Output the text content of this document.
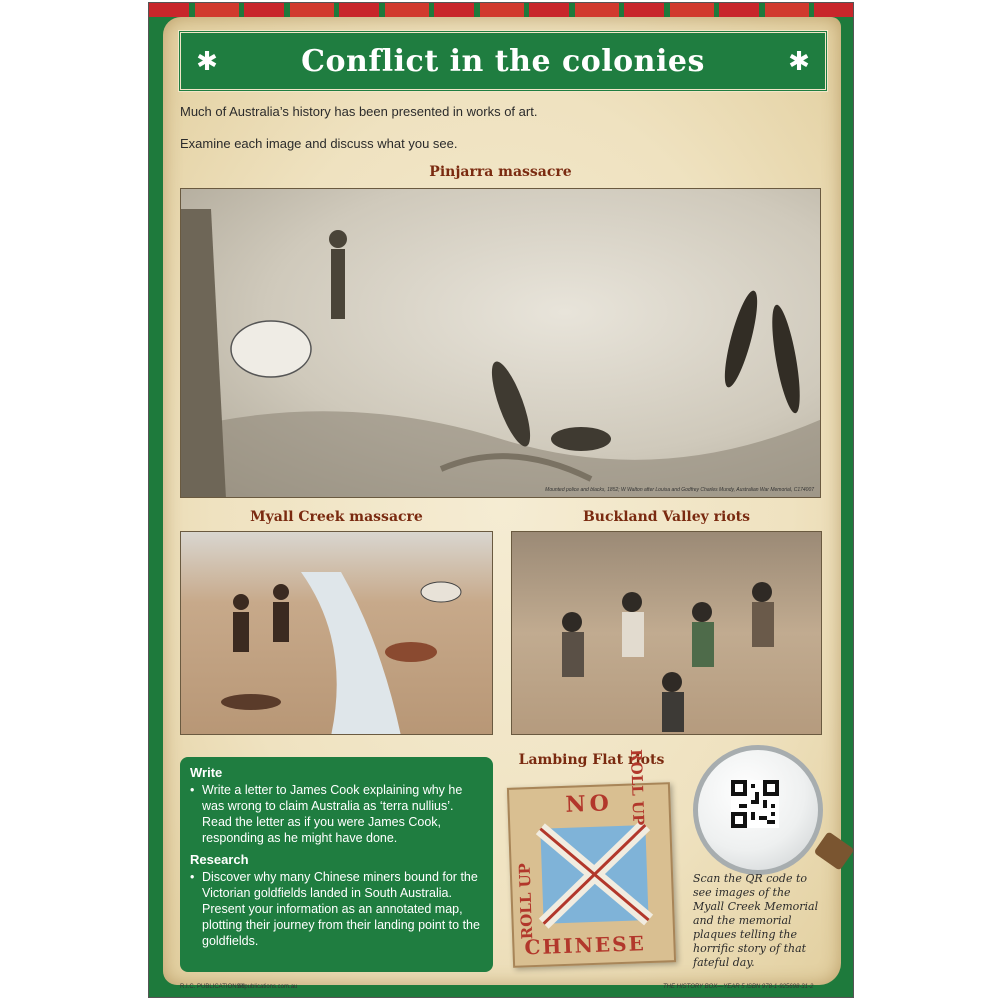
✱	Conflict in the colonies	✱
Much of Australia’s history has been presented in works of art.
Examine each image and discuss what you see.
Pinjarra massacre
Mounted police and blacks, 1852; W Walton after Louisa and Godfrey Charles Mundy, Australian War Memorial, C174007
Myall Creek massacre	Buckland Valley riots
Write
• Write a letter to James Cook explaining why he was wrong to claim Australia as ‘terra nullius’. Read the letter as if you were James Cook, responding as he might have done.
Research
• Discover why many Chinese miners bound for the Victorian goldfields landed in South Australia. Present your information as an annotated map, plotting their journey from their landing point to the goldfields.
Lambing Flat riots
NO
ROLL UP
ROLL UP
CHINESE
Scan the QR code to see images of the Myall Creek Memorial and the memorial plaques telling the horrific story of that fateful day.
R.I.C. PUBLICATIONS®
ricpublications.com.au	THE HISTORY BOX—YEAR 5 ISBN 978-1-925698-31-2
